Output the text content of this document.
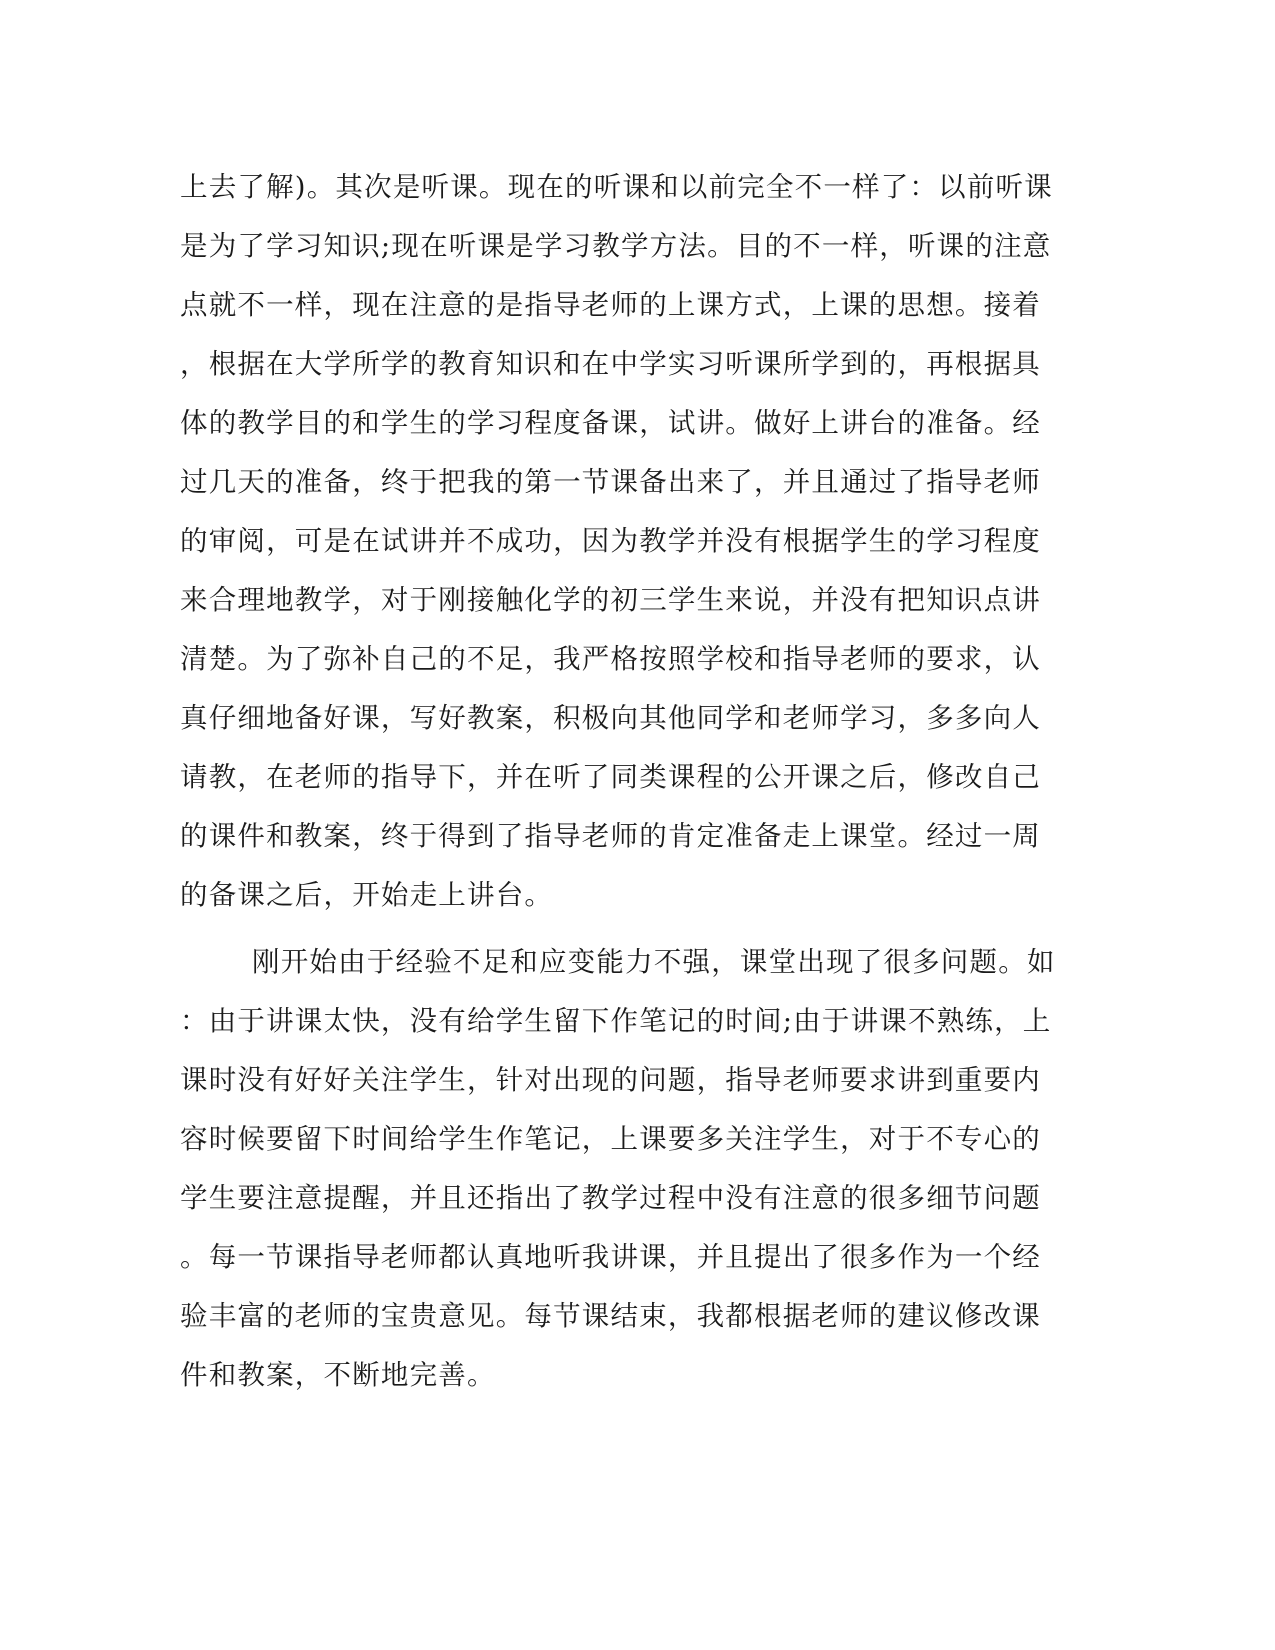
上去了解)。其次是听课。现在的听课和以前完全不一样了：以前听课
是为了学习知识;现在听课是学习教学方法。目的不一样，听课的注意
点就不一样，现在注意的是指导老师的上课方式，上课的思想。接着
，根据在大学所学的教育知识和在中学实习听课所学到的，再根据具
体的教学目的和学生的学习程度备课，试讲。做好上讲台的准备。经
过几天的准备，终于把我的第一节课备出来了，并且通过了指导老师
的审阅，可是在试讲并不成功，因为教学并没有根据学生的学习程度
来合理地教学，对于刚接触化学的初三学生来说，并没有把知识点讲
清楚。为了弥补自己的不足，我严格按照学校和指导老师的要求，认
真仔细地备好课，写好教案，积极向其他同学和老师学习，多多向人
请教，在老师的指导下，并在听了同类课程的公开课之后，修改自己
的课件和教案，终于得到了指导老师的肯定准备走上课堂。经过一周
的备课之后，开始走上讲台。
刚开始由于经验不足和应变能力不强，课堂出现了很多问题。如
：由于讲课太快，没有给学生留下作笔记的时间;由于讲课不熟练，上
课时没有好好关注学生，针对出现的问题，指导老师要求讲到重要内
容时候要留下时间给学生作笔记，上课要多关注学生，对于不专心的
学生要注意提醒，并且还指出了教学过程中没有注意的很多细节问题
。每一节课指导老师都认真地听我讲课，并且提出了很多作为一个经
验丰富的老师的宝贵意见。每节课结束，我都根据老师的建议修改课
件和教案，不断地完善。
